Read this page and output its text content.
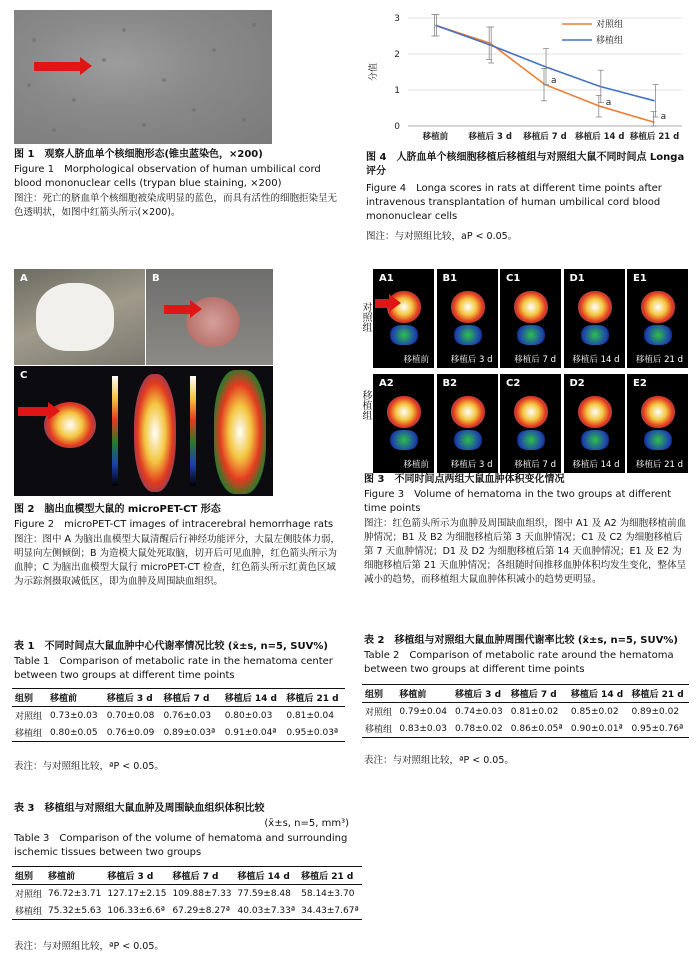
图 1　观察人脐血单个核细胞形态(锥虫蓝染色，×200)
Figure 1　Morphological observation of human umbilical cord blood mononuclear cells (trypan blue staining, ×200)
图注：死亡的脐血单个核细胞被染成明显的蓝色，而具有活性的细胞拒染呈无色透明状，如图中红箭头所示(×200)。
0
1
2
3
分值
移植前 移植后 3 d 移植后 7 d 移植后 14 d 移植后 21 d
a
a
a
对照组
移植组
图 4　人脐血单个核细胞移植后移植组与对照组大鼠不同时间点 Longa 评分
Figure 4　Longa scores in rats at different time points after intravenous transplantation of human umbilical cord blood mononuclear cells
图注：与对照组比较，aP < 0.05。
A	B
C
图 2　脑出血模型大鼠的 microPET-CT 形态
Figure 2　microPET-CT images of intracerebral hemorrhage rats
图注：图中 A 为脑出血模型大鼠清醒后行神经功能评分，大鼠左侧肢体力弱，明显向左侧倾倒；B 为造模大鼠处死取脑，切开后可见血肿，红色箭头所示为血肿；C 为脑出血模型大鼠行 microPET-CT 检查，红色箭头所示红黄色区域为示踪剂摄取减低区，即为血肿及周围缺血组织。
对照组
移植组
A1
移植前
B1
移植后 3 d
C1
移植后 7 d
D1
移植后 14 d
E1
移植后 21 d
A2
移植前
B2
移植后 3 d
C2
移植后 7 d
D2
移植后 14 d
E2
移植后 21 d
图 3　不同时间点两组大鼠血肿体积变化情况
Figure 3　Volume of hematoma in the two groups at different time points
图注：红色箭头所示为血肿及周围缺血组织，图中 A1 及 A2 为细胞移植前血肿情况；B1 及 B2 为细胞移植后第 3 天血肿情况；C1 及 C2 为细胞移植后第 7 天血肿情况；D1 及 D2 为细胞移植后第 14 天血肿情况；E1 及 E2 为细胞移植后第 21 天血肿情况；各组随时间推移血肿体积均发生变化，整体呈减小的趋势，而移植组大鼠血肿体积减小的趋势更明显。
表 1　不同时间点大鼠血肿中心代谢率情况比较 (x̄±s, n=5, SUV%)
Table 1　Comparison of metabolic rate in the hematoma center between two groups at different time points
组别	移植前	移植后 3 d	移植后 7 d	移植后 14 d	移植后 21 d
对照组	0.73±0.03	0.70±0.08	0.76±0.03	0.80±0.03	0.81±0.04
移植组	0.80±0.05	0.76±0.09	0.89±0.03ª	0.91±0.04ª	0.95±0.03ª
表注：与对照组比较，ªP < 0.05。
表 2　移植组与对照组大鼠血肿周围代谢率比较 (x̄±s, n=5, SUV%)
Table 2　Comparison of metabolic rate around the hematoma between two groups at different time points
组别	移植前	移植后 3 d	移植后 7 d	移植后 14 d	移植后 21 d
对照组	0.79±0.04	0.74±0.03	0.81±0.02	0.85±0.02	0.89±0.02
移植组	0.83±0.03	0.78±0.02	0.86±0.05ª	0.90±0.01ª	0.95±0.76ª
表注：与对照组比较，ªP < 0.05。
表 3　移植组与对照组大鼠血肿及周围缺血组织体积比较
(x̄±s, n=5, mm³)
Table 3　Comparison of the volume of hematoma and surrounding ischemic tissues between two groups
组别	移植前	移植后 3 d	移植后 7 d	移植后 14 d	移植后 21 d
对照组	76.72±3.71	127.17±2.15	109.88±7.33	77.59±8.48	58.14±3.70
移植组	75.32±5.63	106.33±6.6ª	67.29±8.27ª	40.03±7.33ª	34.43±7.67ª
表注：与对照组比较，ªP < 0.05。
